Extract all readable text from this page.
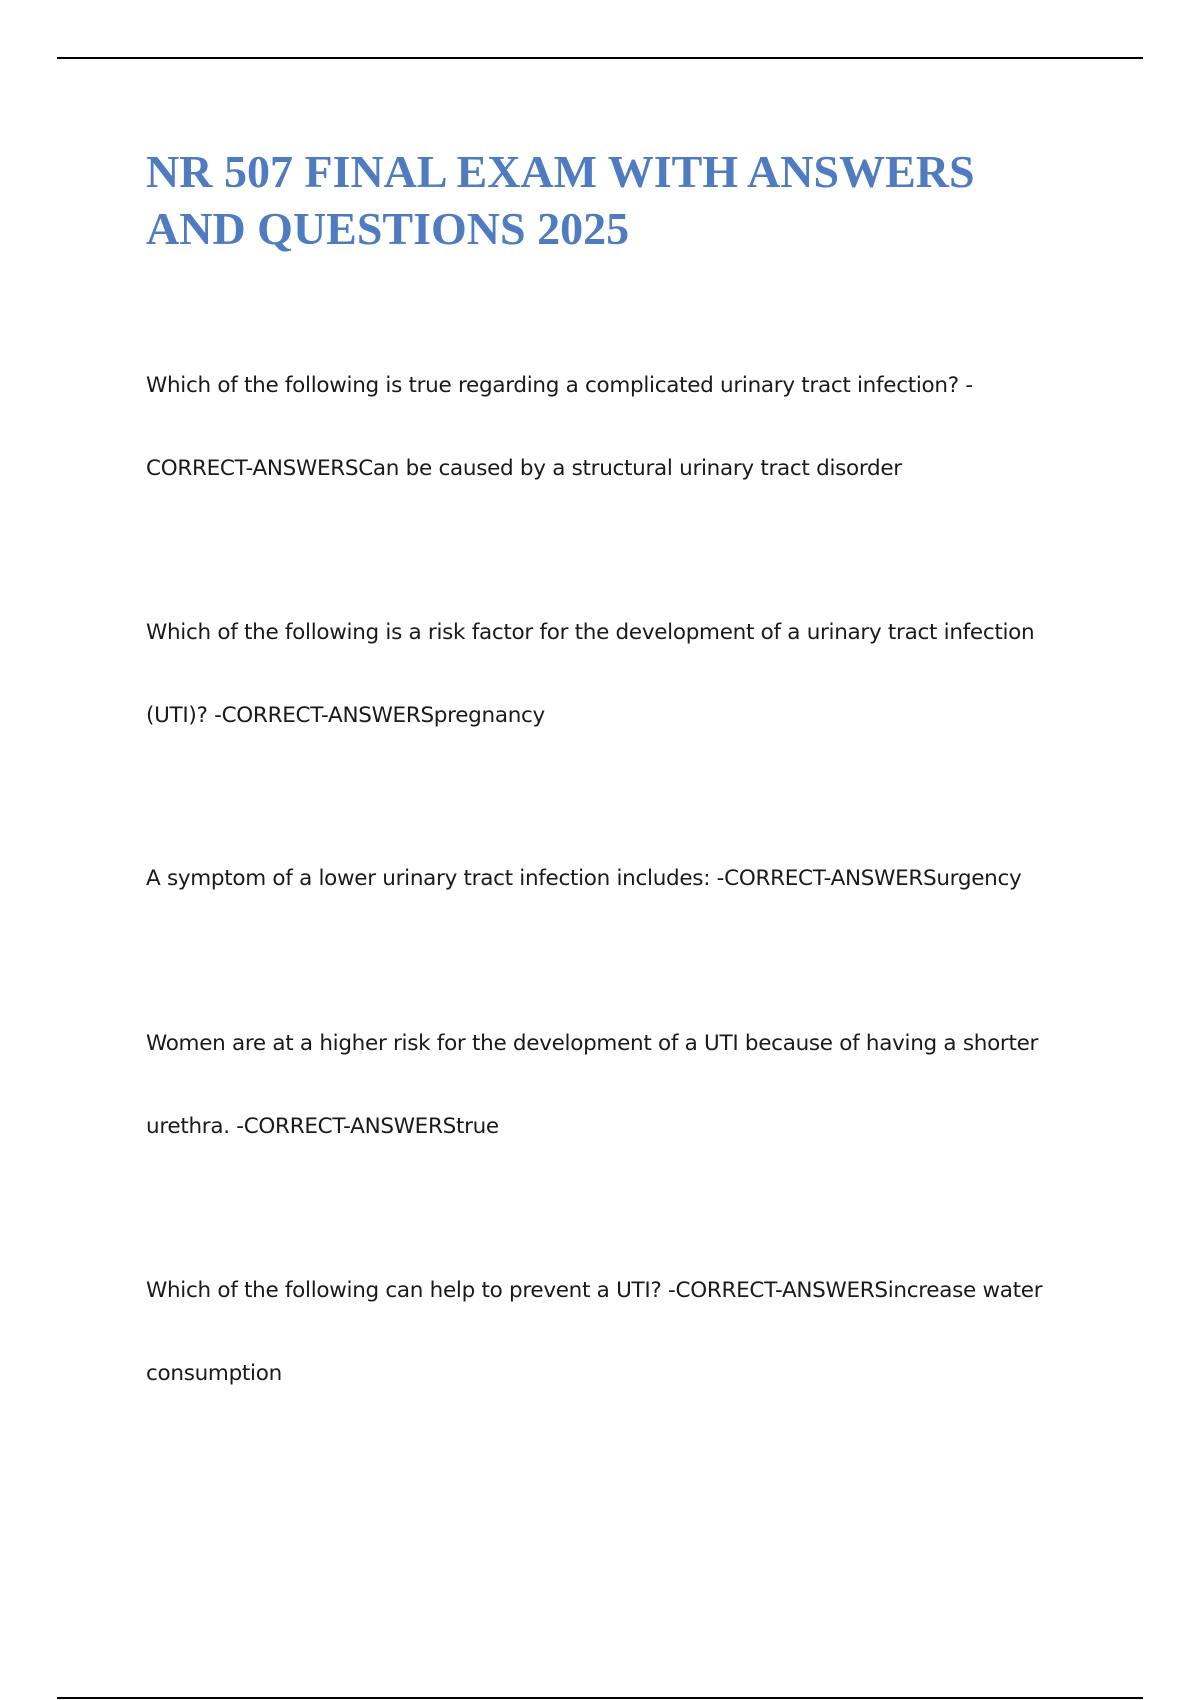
NR 507 FINAL EXAM WITH ANSWERS
AND QUESTIONS 2025

Which of the following is true regarding a complicated urinary tract infection? -
CORRECT-ANSWERSCan be caused by a structural urinary tract disorder

Which of the following is a risk factor for the development of a urinary tract infection
(UTI)? -CORRECT-ANSWERSpregnancy

A symptom of a lower urinary tract infection includes: -CORRECT-ANSWERSurgency

Women are at a higher risk for the development of a UTI because of having a shorter
urethra. -CORRECT-ANSWERStrue

Which of the following can help to prevent a UTI? -CORRECT-ANSWERSincrease water
consumption
